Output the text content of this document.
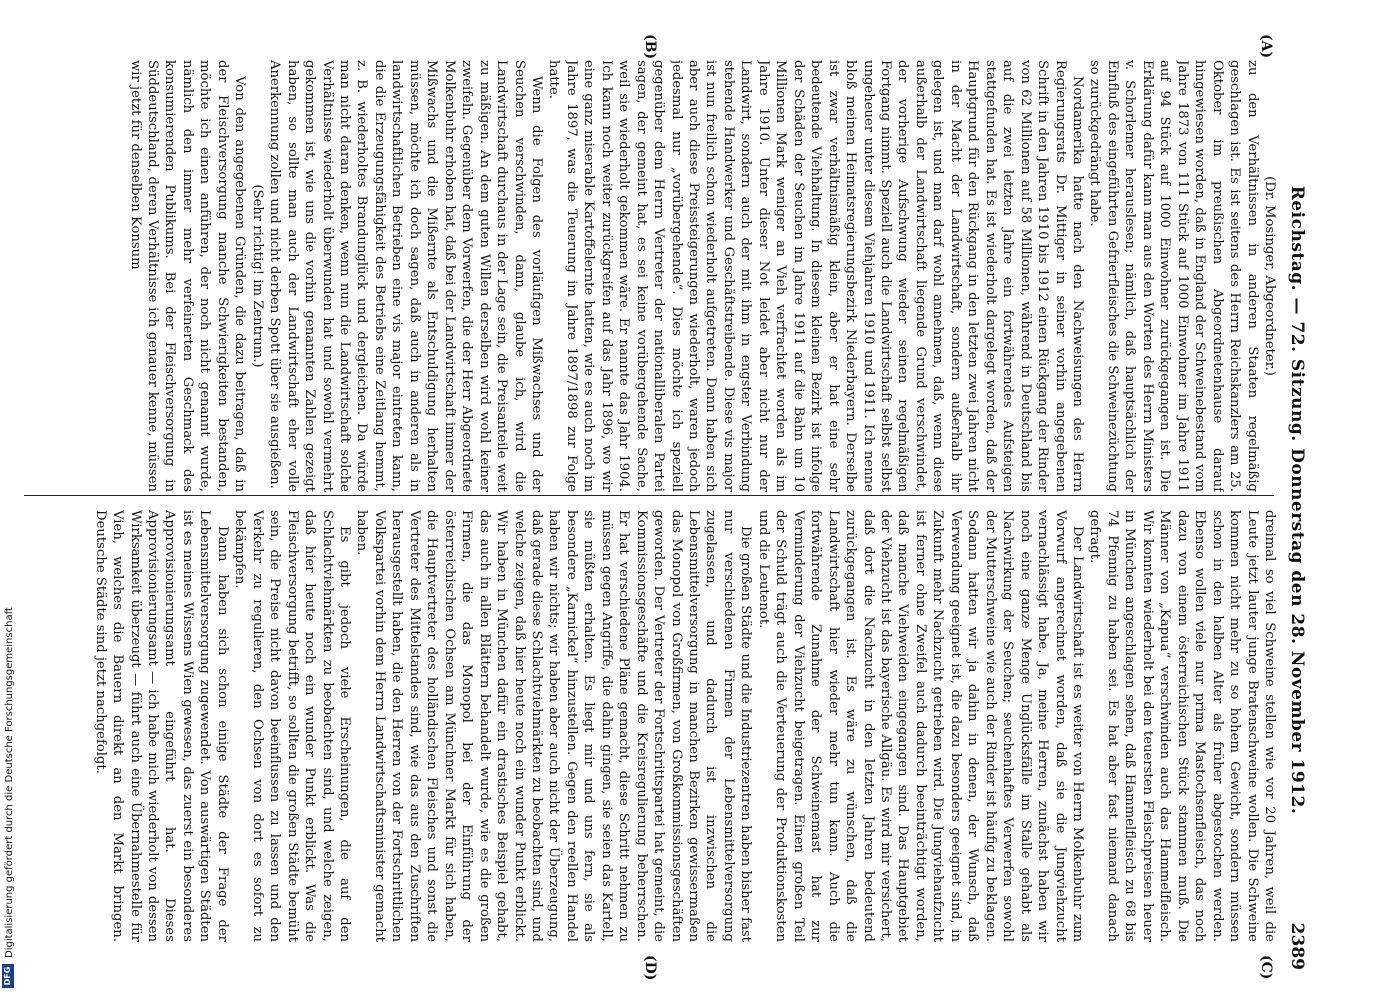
Reichstag. — 72. Sitzung. Donnerstag den 28. November 1912.
2389
(A)
(B)
(C)
(D)

(Dr. Mosinger, Abgeordneter.)

zu den Verhältnissen in anderen Staaten regelmäßig geschlagen ist. Es ist seitens des Herrn Reichskanzlers am 25. Oktober im preußischen Abgeordnetenhause darauf hingewiesen worden, daß in England der Schweinebestand vom Jahre 1873 von 111 Stück auf 1000 Einwohner im Jahre 1911 auf 94 Stück auf 1000 Einwohner zurückgegangen ist. Die Erklärung dafür kann man aus den Worten des Herrn Ministers v. Schorlemer herauslesen; nämlich, daß hauptsächlich der Einfluß des eingeführten Gefrierfleisches die Schweinezüchtung so zurückgedrängt habe.

Nordamerika hatte nach den Nachweisungen des Herrn Regierungsrats Dr. Mittiger in seiner vorhin angegebenen Schrift in den Jahren 1910 bis 1912 einen Rückgang der Rinder von 62 Millionen auf 58 Millionen, während in Deutschland bis auf die zwei letzten Jahre ein fortwährendes Aufsteigen stattgefunden hat. Es ist wiederholt dargelegt worden, daß der Hauptgrund für den Rückgang in den letzten zwei Jahren nicht in der Macht der Landwirtschaft, sondern außerhalb ihr gelegen ist, und man darf wohl annehmen, daß, wenn diese außerhalb der Landwirtschaft liegende Grund verschwindet, der vorherige Aufschwung wieder seinen regelmäßigen Fortgang nimmt. Speziell auch die Landwirtschaft selbst selbst ungeheuer unter diesem Viehjahren 1910 und 1911. Ich nenne bloß meinen Heimatsregierungsbezirk Niederbayern. Derselbe ist zwar verhältnismäßig klein, aber er hat eine sehr bedeutende Viehhaltung. In diesem kleinen Bezirk ist infolge der Schäden der Seuchen im Jahre 1911 auf die Bahn um 10 Millionen Mark weniger an Vieh verfrachtet worden als im Jahre 1910. Unter dieser Not leidet aber nicht nur der Landwirt, sondern auch der mit ihm in engster Verbindung stehende Handwerker und Geschäftstreibende. Diese vis major ist nun freilich schon wiederholt aufgetreten. Dann haben sich aber auch diese Preissteigerungen wiederholt, waren jedoch jedesmal nur „vorübergehende“. Dies möchte ich speziell gegenüber dem Herrn Vertreter der nationalliberalen Partei sagen, der gemeint hat, es sei keine vorübergehende Sache, weil sie wiederholt gekommen wäre. Er nannte das Jahr 1904. Ich kann noch weiter zurückgreifen auf das Jahr 1896, wo wir eine ganz miserable Kartoffelernte hatten, wie es auch noch im Jahre 1897, was die Teuerung im Jahre 1897/1898 zur Folge hatte.

Wenn die Folgen des vorläufigen Mißwachses und der Seuchen verschwinden, dann, glaube ich, wird die Landwirtschaft durchaus in der Lage sein, die Preisanteile weit zu mäßigen. An dem guten Willen derselben wird wohl keiner zweifeln. Gegenüber dem Vorwerfen, die der Herr Abgeordnete Molkenbuhr erhoben hat, daß bei der Landwirtschaft immer der Mißwachs und die Mißernte als Entschuldigung herhalten müssen, möchte ich doch sagen, daß auch in anderen als in landwirtschaftlichen Betrieben eine vis major eintreten kann, die die Erzeugungsfähigkeit des Betriebs eine Zeitlang hemmt, z. B. wiederholtes Brandunglück und dergleichen. Da würde man nicht daran denken, wenn nun die Landwirtschaft solche Verhältnisse wiederholt überwunden hat und sowohl vermehrt gekommen ist, wie uns die vorhin genannten Zahlen gezeigt haben, so sollte man auch der Landwirtschaft eher volle Anerkennung zollen und nicht derben Spott über sie ausgießen.

(Sehr richtig! im Zentrum.)

Von den angegebenen Gründen, die dazu beitragen, daß in der Fleischversorgung manche Schwierigkeiten bestanden, möchte ich einen anführen, der noch nicht genannt wurde, nämlich den immer mehr verfeinerten Geschmack des konsumierenden Publikums. Bei der Fleischversorgung in Süddeutschland, deren Verhältnisse ich genauer kenne, müssen wir jetzt für denselben Konsum

dreimal so viel Schweine stellen wie vor 20 Jahren, weil die Leute jetzt lauter junge Bratenschweine wollen. Die Schweine kommen nicht mehr zu so hohem Gewicht, sondern müssen schon in den halben Alter als früher abgestochen werden. Ebenso wollen viele nur prima Mastochsenfleisch, das noch dazu von einem österreichischen Stück stammen muß. Die Männer von „Kapua“ verschwinden auch das Hammelfleisch. Wir konnten wiederholt bei den teuersten Fleischpreisen heuer in München angeschlagen sehen, daß Hammelfleisch zu 68 bis 74 Pfennig zu haben sei. Es hat aber fast niemand danach gefragt.

Der Landwirtschaft ist es weiter von Herrn Molkenbuhr zum Vorwurf angerechnet worden, daß sie die Jungviehzucht vernachlässigt habe. Ja, meine Herren, zunächst haben wir noch eine ganze Menge Unglücksfälle im Stalle gehabt als Nachwirkung der Seuchen; seuchenhaftes Verwerfen sowohl der Mutterschweine wie auch der Rinder ist häufig zu beklagen. Sodann hatten wir ja dahin in denen, der Wunsch, daß Verwendung geeignet ist, die dazu besonders geeignet sind, in Zukunft mehr Nachzucht getrieben wird. Die Jungviehaufzucht ist ferner ohne Zweifel auch dadurch beeinträchtigt worden, daß manche Viehweiden eingegangen sind. Das Hauptgebiet der Viehzucht ist das bayerische Allgäu. Es wird mir versichert, daß dort die Nachzucht in den letzten Jahren bedeutend zurückgegangen ist. Es wäre zu wünschen, daß die Landwirtschaft hier wieder mehr tun kann. Auch die fortwährende Zunahme der Schweinemast hat zur Verminderung der Viehzucht beigetragen. Einen großen Teil der Schuld trägt auch die Verteuerung der Produktionskosten und die Leutenot.

Die großen Städte und die Industriezentren haben bisher fast nur verschiedenen Firmen der Lebensmittelversorgung zugelassen, und dadurch ist inzwischen die Lebensmittelversorgung in manchen Bezirken gewissermaßen das Monopol von Großfirmen, von Großkommissionsgeschäften geworden. Der Vertreter der Fortschrittspartei hat gemeint, die Kommissionsgeschäfte und die Kreisregulierung beherrschen. Er hat verschiedene Pläne gemacht, diese Schritt nehmen zu müssen gegen Angriffe, die dahin gingen, sie seien das Kartell, sie müßten erhalten. Es liegt mir und uns fern, sie als besondere „Karnickel“ hinzustellen. Gegen den reellen Handel haben wir nichts; wir haben aber auch nicht der Überzeugung, daß gerade diese Schlachtviehmärkten zu beobachten sind, und welche zeigen, daß hier heute noch ein wunder Punkt erblickt. Wir haben in München dafür ein drastisches Beispiel gehabt, das auch in allen Blättern behandelt wurde, wie es die großen Firmen, die das Monopol bei der Einführung der österreichischen Ochsen am Münchner Markt für sich haben, die Hauptvertreter des holländischen Fleisches und sonst die Vertreter des Mittelstandes sind, wie das aus den Zuschriften herausgestellt haben, die den Herren von der Fortschrittlichen Volkspartei vorhin dem Herrn Landwirtschaftsminister gemacht haben.

Es gibt jedoch viele Erscheinungen, die auf den Schlachtviehmärkten zu beobachten sind, und welche zeigen, daß hier heute noch ein wunder Punkt erblickt. Was die Fleischversorgung betrifft, so sollten die großen Städte bemüht sein, die Preise nicht davon beeinflussen zu lassen und den Verkehr zu regulieren, den Ochsen von dort es sofort zu bekämpfen.

Dann haben sich schon einige Städte der Frage der Lebensmittelversorgung zugewendet. Von auswärtigen Städten ist es meines Wissens Wien gewesen, das zuerst ein besonderes Approvisionierungsamt eingeführt hat. Dieses Approvisionierungsamt — ich habe mich wiederholt von dessen Wirksamkeit überzeugt — führt auch eine Übernahmestelle für Vieh, welches die Bauern direkt an den Markt bringen. Deutsche Städte sind jetzt nachgefolgt.

Digitalisierung gefördert durch die Deutsche Forschungsgemeinschaft
DFG
